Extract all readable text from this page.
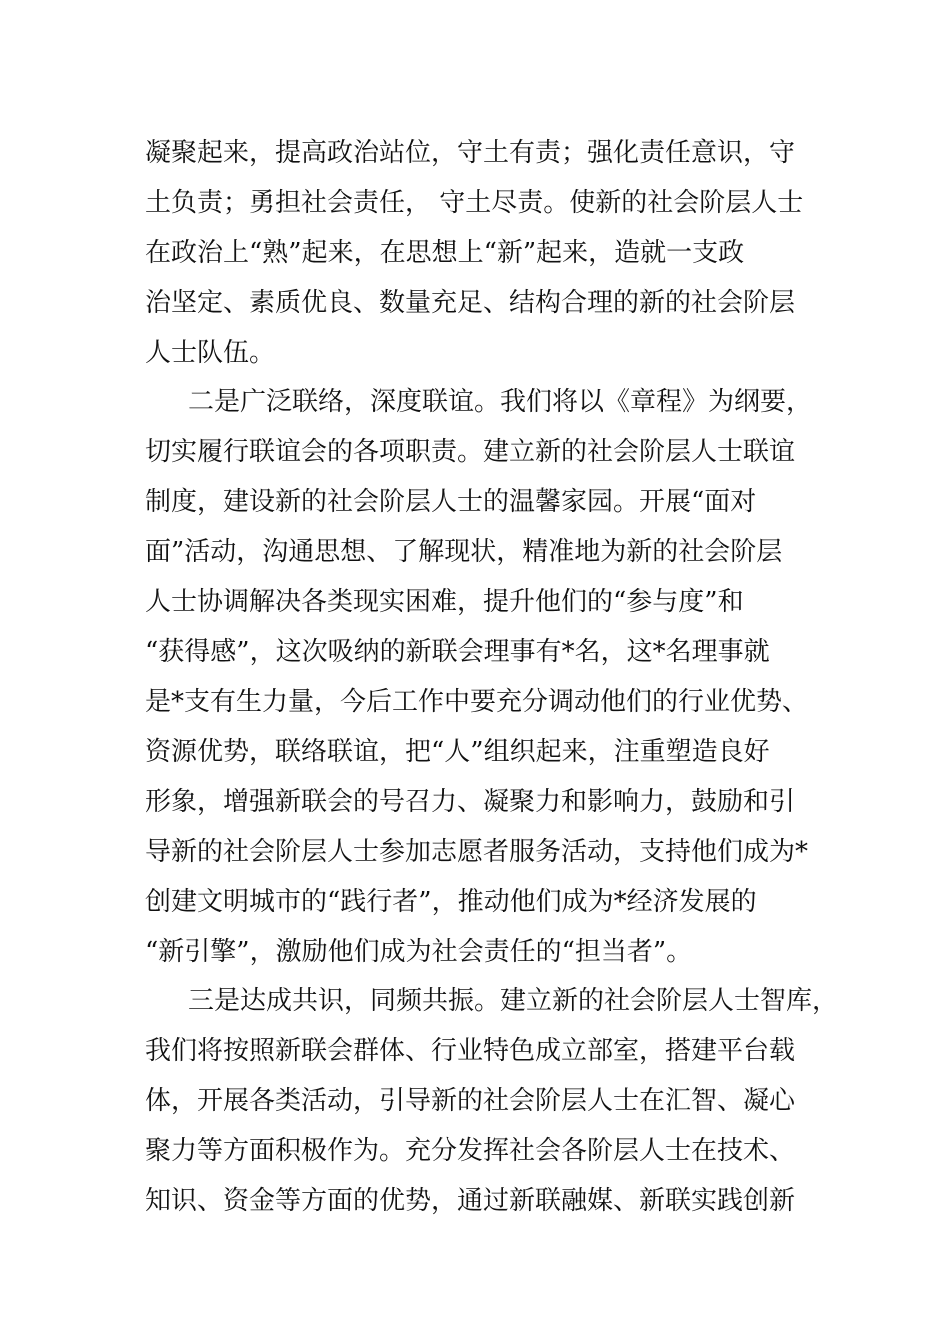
凝聚起来，提高政治站位，守土有责；强化责任意识，守
土负责；勇担社会责任， 守土尽责。使新的社会阶层人士
在政治上“熟”起来，在思想上“新”起来，造就一支政
治坚定、素质优良、数量充足、结构合理的新的社会阶层
人士队伍。
二是广泛联络，深度联谊。我们将以《章程》为纲要，
切实履行联谊会的各项职责。建立新的社会阶层人士联谊
制度，建设新的社会阶层人士的温馨家园。开展“面对
面”活动，沟通思想、了解现状，精准地为新的社会阶层
人士协调解决各类现实困难，提升他们的“参与度”和
“获得感”，这次吸纳的新联会理事有*名，这*名理事就
是*支有生力量，今后工作中要充分调动他们的行业优势、
资源优势，联络联谊，把“人”组织起来，注重塑造良好
形象，增强新联会的号召力、凝聚力和影响力，鼓励和引
导新的社会阶层人士参加志愿者服务活动，支持他们成为*
创建文明城市的“践行者”，推动他们成为*经济发展的
“新引擎”，激励他们成为社会责任的“担当者”。
三是达成共识，同频共振。建立新的社会阶层人士智库，
我们将按照新联会群体、行业特色成立部室，搭建平台载
体，开展各类活动，引导新的社会阶层人士在汇智、凝心
聚力等方面积极作为。充分发挥社会各阶层人士在技术、
知识、资金等方面的优势，通过新联融媒、新联实践创新
